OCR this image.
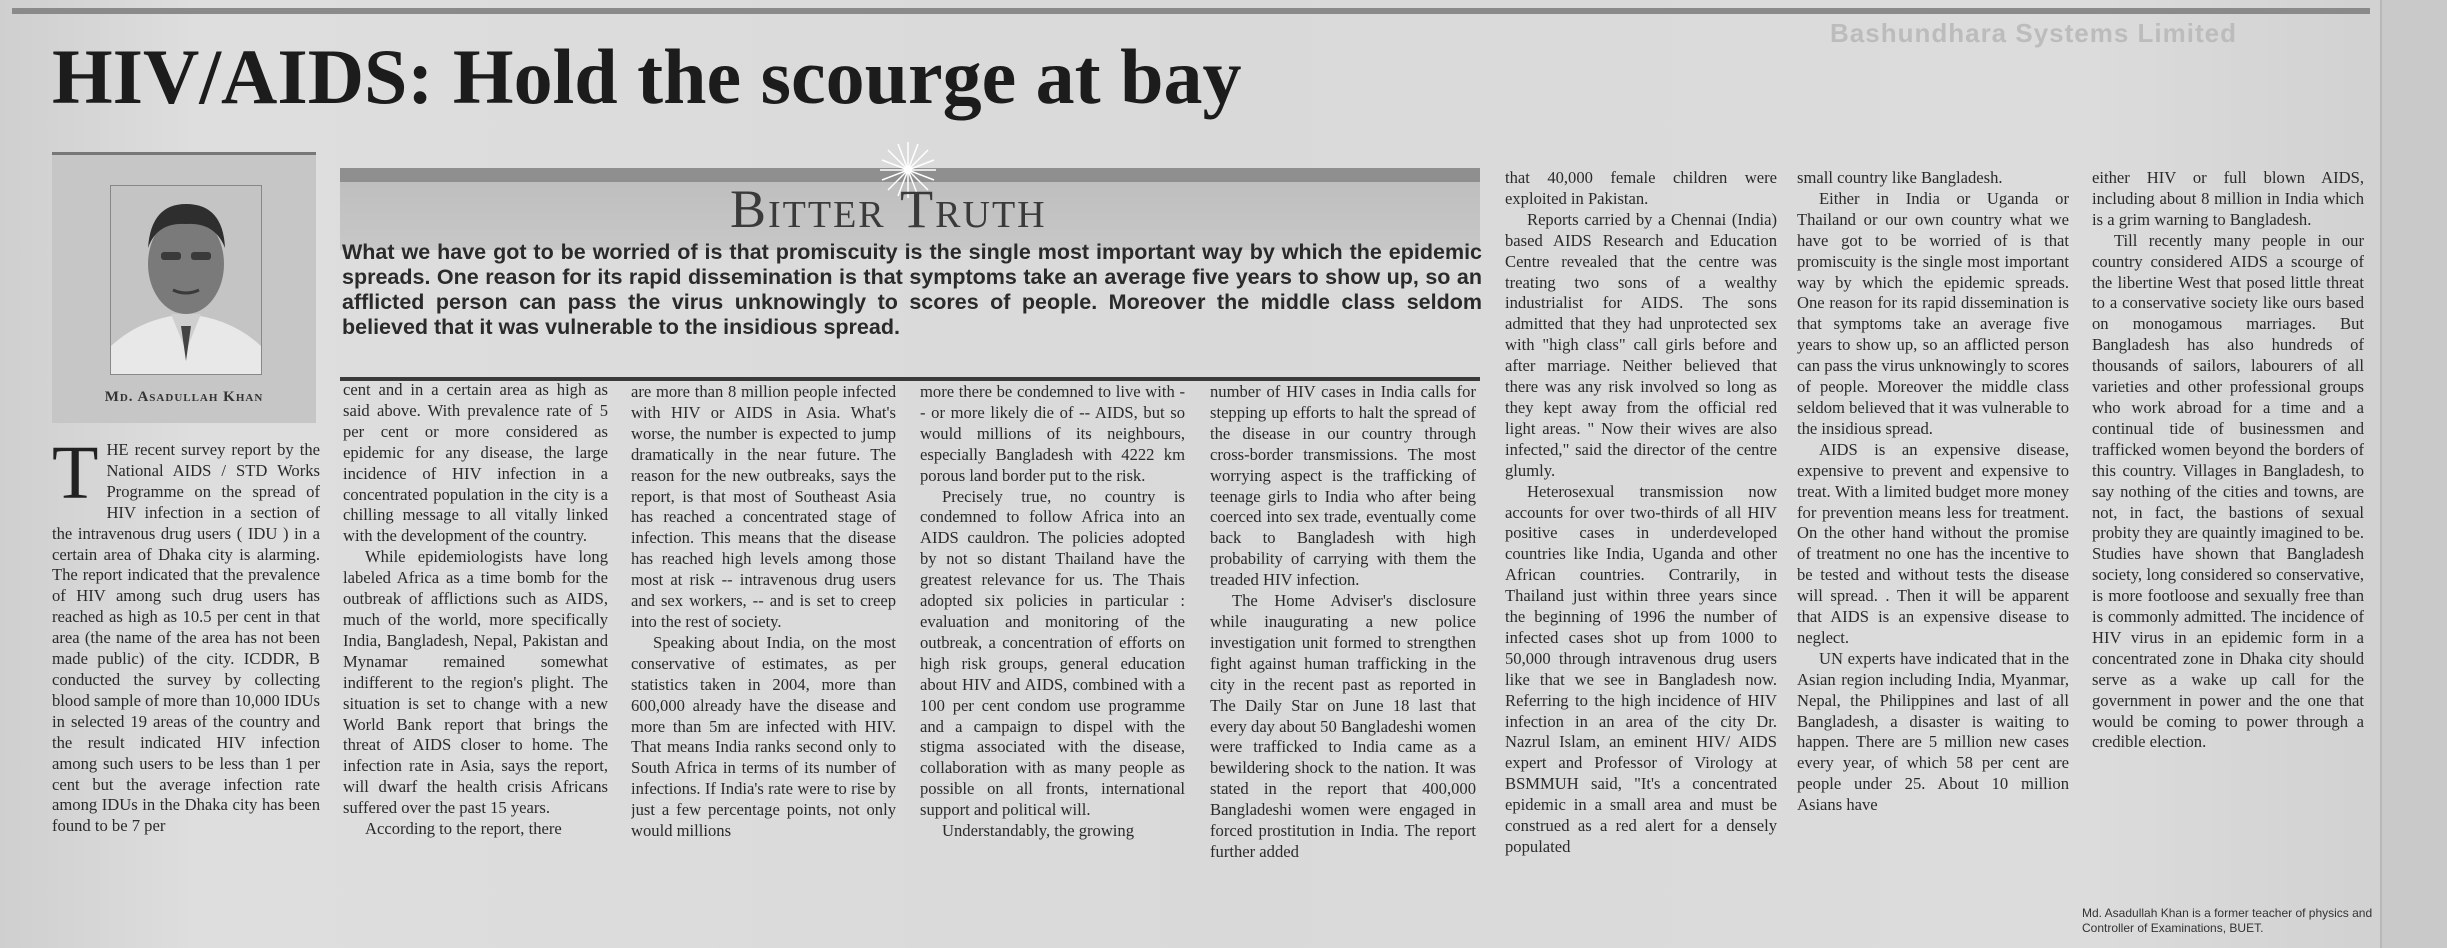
Bashundhara Systems Limited
HIV/AIDS: Hold the scourge at bay
Md. Asadullah Khan
Bitter Truth
What we have got to be worried of is that promiscuity is the single most important way by which the epidemic spreads. One reason for its rapid dissemination is that symptoms take an average five years to show up, so an afflicted person can pass the virus unknowingly to scores of people. Moreover the middle class seldom believed that it was vulnerable to the insidious spread.

THE recent survey report by the National AIDS / STD Works Programme on the spread of HIV infection in a section of the intravenous drug users ( IDU ) in a certain area of Dhaka city is alarming. The report indicated that the prevalence of HIV among such drug users has reached as high as 10.5 per cent in that area (the name of the area has not been made public) of the city. ICDDR, B conducted the survey by collecting blood sample of more than 10,000 IDUs in selected 19 areas of the country and the result indicated HIV infection among such users to be less than 1 per cent but the average infection rate among IDUs in the Dhaka city has been found to be 7 per

cent and in a certain area as high as said above. With prevalence rate of 5 per cent or more considered as epidemic for any disease, the large incidence of HIV infection in a concentrated population in the city is a chilling message to all vitally linked with the development of the country.

While epidemiologists have long labeled Africa as a time bomb for the outbreak of afflictions such as AIDS, much of the world, more specifically India, Bangladesh, Nepal, Pakistan and Mynamar remained somewhat indifferent to the region's plight. The situation is set to change with a new World Bank report that brings the threat of AIDS closer to home. The infection rate in Asia, says the report, will dwarf the health crisis Africans suffered over the past 15 years.

According to the report, there

are more than 8 million people infected with HIV or AIDS in Asia. What's worse, the number is expected to jump dramatically in the near future. The reason for the new outbreaks, says the report, is that most of Southeast Asia has reached a concentrated stage of infection. This means that the disease has reached high levels among those most at risk -- intravenous drug users and sex workers, -- and is set to creep into the rest of society.

Speaking about India, on the most conservative of estimates, as per statistics taken in 2004, more than 600,000 already have the disease and more than 5m are infected with HIV. That means India ranks second only to South Africa in terms of its number of infections. If India's rate were to rise by just a few percentage points, not only would millions

more there be condemned to live with -- or more likely die of -- AIDS, but so would millions of its neighbours, especially Bangladesh with 4222 km porous land border put to the risk.

Precisely true, no country is condemned to follow Africa into an AIDS cauldron. The policies adopted by not so distant Thailand have the greatest relevance for us. The Thais adopted six policies in particular : evaluation and monitoring of the outbreak, a concentration of efforts on high risk groups, general education about HIV and AIDS, combined with a 100 per cent condom use programme and a campaign to dispel with the stigma associated with the disease, collaboration with as many people as possible on all fronts, international support and political will.

Understandably, the growing

number of HIV cases in India calls for stepping up efforts to halt the spread of the disease in our country through cross-border transmissions. The most worrying aspect is the trafficking of teenage girls to India who after being coerced into sex trade, eventually come back to Bangladesh with high probability of carrying with them the treaded HIV infection.

The Home Adviser's disclosure while inaugurating a new police investigation unit formed to strengthen fight against human trafficking in the city in the recent past as reported in The Daily Star on June 18 last that every day about 50 Bangladeshi women were trafficked to India came as a bewildering shock to the nation. It was stated in the report that 400,000 Bangladeshi women were engaged in forced prostitution in India. The report further added

that 40,000 female children were exploited in Pakistan.

Reports carried by a Chennai (India) based AIDS Research and Education Centre revealed that the centre was treating two sons of a wealthy industrialist for AIDS. The sons admitted that they had unprotected sex with "high class" call girls before and after marriage. Neither believed that there was any risk involved so long as they kept away from the official red light areas. " Now their wives are also infected," said the director of the centre glumly.

Heterosexual transmission now accounts for over two-thirds of all HIV positive cases in underdeveloped countries like India, Uganda and other African countries. Contrarily, in Thailand just within three years since the beginning of 1996 the number of infected cases shot up from 1000 to 50,000 through intravenous drug users like that we see in Bangladesh now. Referring to the high incidence of HIV infection in an area of the city Dr. Nazrul Islam, an eminent HIV/ AIDS expert and Professor of Virology at BSMMUH said, "It's a concentrated epidemic in a small area and must be construed as a red alert for a densely populated

small country like Bangladesh.

Either in India or Uganda or Thailand or our own country what we have got to be worried of is that promiscuity is the single most important way by which the epidemic spreads. One reason for its rapid dissemination is that symptoms take an average five years to show up, so an afflicted person can pass the virus unknowingly to scores of people. Moreover the middle class seldom believed that it was vulnerable to the insidious spread.

AIDS is an expensive disease, expensive to prevent and expensive to treat. With a limited budget more money for prevention means less for treatment. On the other hand without the promise of treatment no one has the incentive to be tested and without tests the disease will spread. . Then it will be apparent that AIDS is an expensive disease to neglect.

UN experts have indicated that in the Asian region including India, Myanmar, Nepal, the Philippines and last of all Bangladesh, a disaster is waiting to happen. There are 5 million new cases every year, of which 58 per cent are people under 25. About 10 million Asians have

either HIV or full blown AIDS, including about 8 million in India which is a grim warning to Bangladesh.

Till recently many people in our country considered AIDS a scourge of the libertine West that posed little threat to a conservative society like ours based on monogamous marriages. But Bangladesh has also hundreds of thousands of sailors, labourers of all varieties and other professional groups who work abroad for a time and a continual tide of businessmen and trafficked women beyond the borders of this country. Villages in Bangladesh, to say nothing of the cities and towns, are not, in fact, the bastions of sexual probity they are quaintly imagined to be. Studies have shown that Bangladesh society, long considered so conservative, is more footloose and sexually free than is commonly admitted. The incidence of HIV virus in an epidemic form in a concentrated zone in Dhaka city should serve as a wake up call for the government in power and the one that would be coming to power through a credible election.

Md. Asadullah Khan is a former teacher of physics and Controller of Examinations, BUET.
